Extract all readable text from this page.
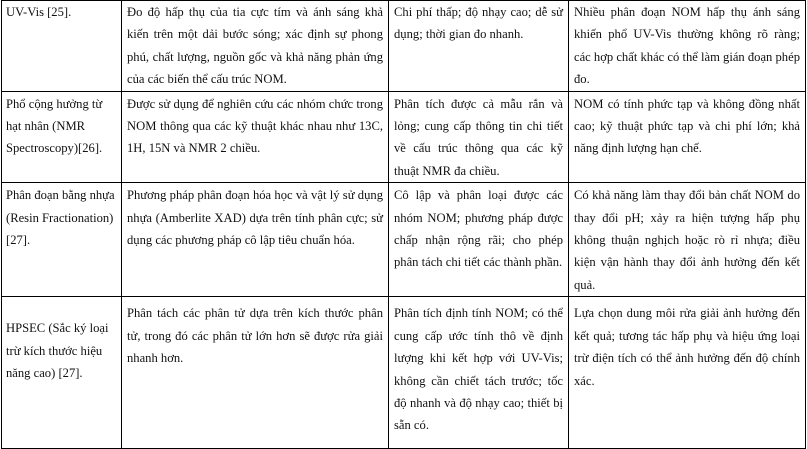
UV-Vis [25].	Đo độ hấp thụ của tia cực tím và ánh sáng khả kiến trên một dải bước sóng; xác định sự phong phú, chất lượng, nguồn gốc và khả năng phản ứng của các biến thể cấu trúc NOM.	Chi phí thấp; độ nhạy cao; dễ sử dụng; thời gian đo nhanh.	Nhiều phân đoạn NOM hấp thụ ánh sáng khiến phổ UV-Vis thường không rõ ràng; các hợp chất khác có thể làm gián đoạn phép đo.
Phổ cộng hưởng từ hạt nhân (NMR Spectroscopy)[26].	Được sử dụng để nghiên cứu các nhóm chức trong NOM thông qua các kỹ thuật khác nhau như 13C, 1H, 15N và NMR 2 chiều.	Phân tích được cả mẫu rắn và lỏng; cung cấp thông tin chi tiết về cấu trúc thông qua các kỹ thuật NMR đa chiều.	NOM có tính phức tạp và không đồng nhất cao; kỹ thuật phức tạp và chi phí lớn; khả năng định lượng hạn chế.
Phân đoạn bằng nhựa (Resin Fractionation) [27].	Phương pháp phân đoạn hóa học và vật lý sử dụng nhựa (Amberlite XAD) dựa trên tính phân cực; sử dụng các phương pháp cô lập tiêu chuẩn hóa.	Cô lập và phân loại được các nhóm NOM; phương pháp được chấp nhận rộng rãi; cho phép phân tách chi tiết các thành phần.	Có khả năng làm thay đổi bản chất NOM do thay đổi pH; xảy ra hiện tượng hấp phụ không thuận nghịch hoặc rò rỉ nhựa; điều kiện vận hành thay đổi ảnh hưởng đến kết quả.
HPSEC (Sắc ký loại trừ kích thước hiệu năng cao) [27].	Phân tách các phân tử dựa trên kích thước phân tử, trong đó các phân tử lớn hơn sẽ được rửa giải nhanh hơn.	Phân tích định tính NOM; có thể cung cấp ước tính thô về định lượng khi kết hợp với UV-Vis; không cần chiết tách trước; tốc độ nhanh và độ nhạy cao; thiết bị sẵn có.	Lựa chọn dung môi rửa giải ảnh hưởng đến kết quả; tương tác hấp phụ và hiệu ứng loại trừ điện tích có thể ảnh hưởng đến độ chính xác.
